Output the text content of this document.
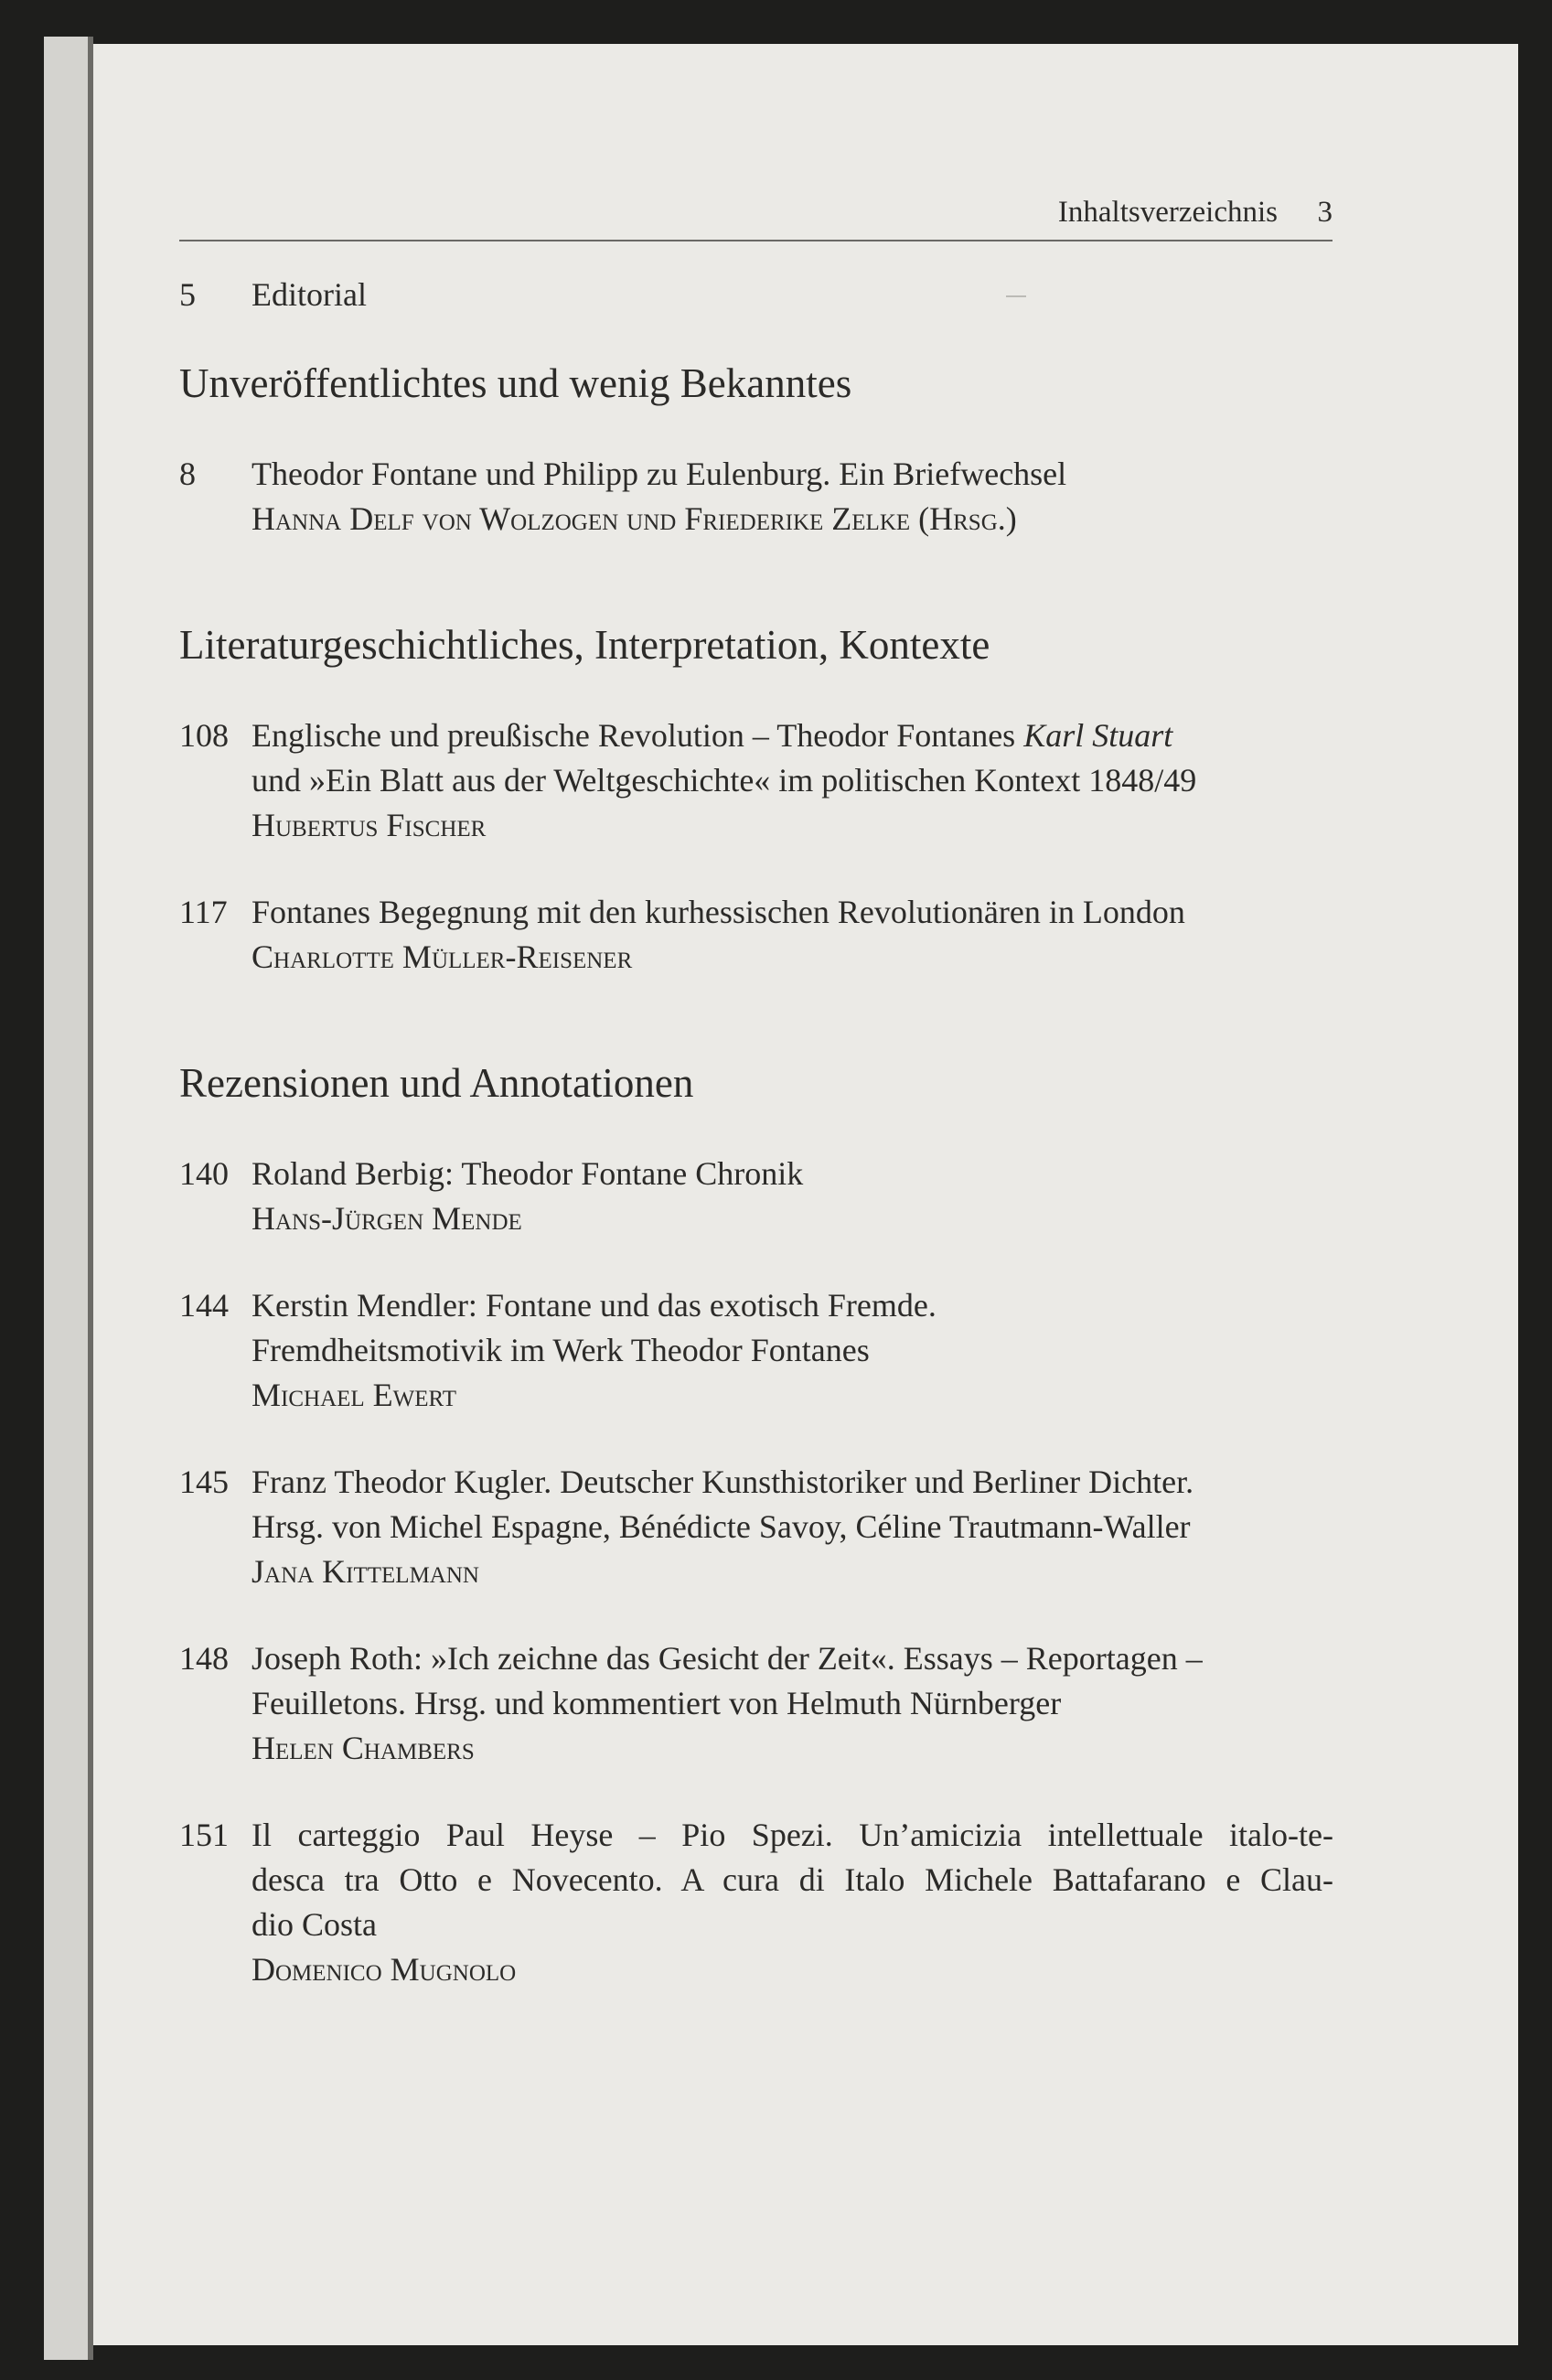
Inhaltsverzeichnis 3
5	Editorial
Unveröffentlichtes und wenig Bekanntes
8	Theodor Fontane und Philipp zu Eulenburg. Ein Briefwechsel
Hanna Delf von Wolzogen und Friederike Zelke (Hrsg.)
Literaturgeschichtliches, Interpretation, Kontexte
108 Englische und preußische Revolution – Theodor Fontanes Karl Stuart
und »Ein Blatt aus der Weltgeschichte« im politischen Kontext 1848/49
Hubertus Fischer
117 Fontanes Begegnung mit den kurhessischen Revolutionären in London
Charlotte Müller-Reisener
Rezensionen und Annotationen
140 Roland Berbig: Theodor Fontane Chronik
Hans-Jürgen Mende
144 Kerstin Mendler: Fontane und das exotisch Fremde.
Fremdheitsmotivik im Werk Theodor Fontanes
Michael Ewert
145 Franz Theodor Kugler. Deutscher Kunsthistoriker und Berliner Dichter.
Hrsg. von Michel Espagne, Bénédicte Savoy, Céline Trautmann-Waller
Jana Kittelmann
148 Joseph Roth: »Ich zeichne das Gesicht der Zeit«. Essays – Reportagen –
Feuilletons. Hrsg. und kommentiert von Helmuth Nürnberger
Helen Chambers
151 Il carteggio Paul Heyse – Pio Spezi. Un’amicizia intellettuale italo-te-
desca tra Otto e Novecento. A cura di Italo Michele Battafarano e Clau-
dio Costa
Domenico Mugnolo
